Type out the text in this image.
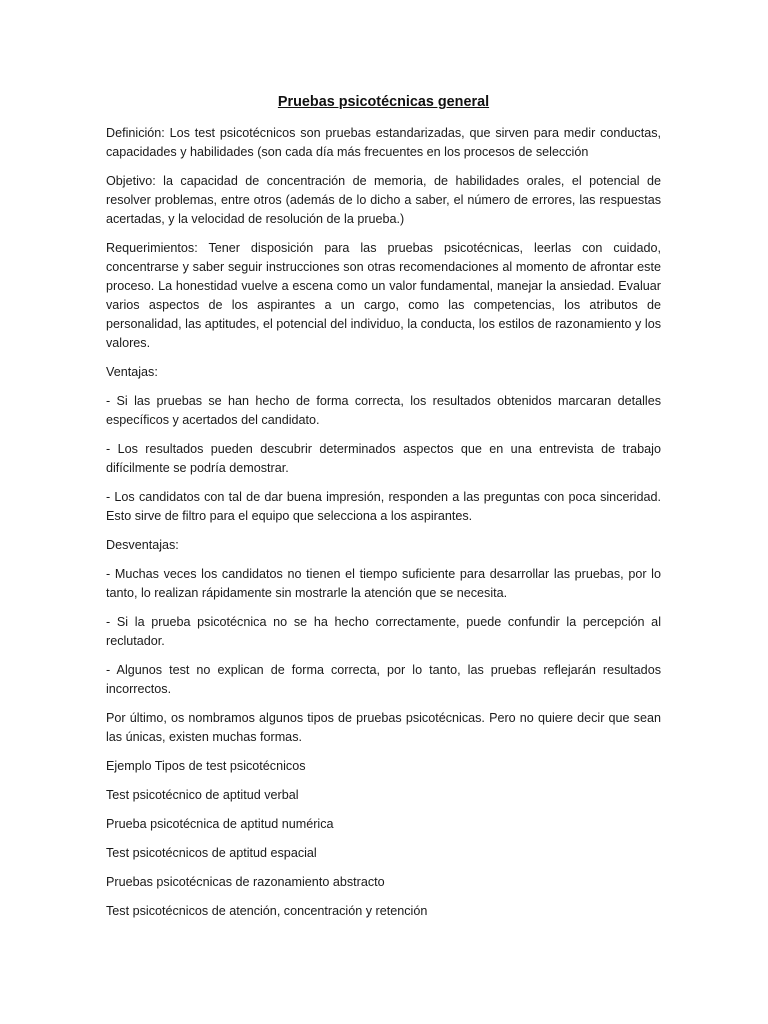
Pruebas psicotécnicas general

Definición: Los test psicotécnicos son pruebas estandarizadas, que sirven para medir conductas, capacidades y habilidades (son cada día más frecuentes en los procesos de selección

Objetivo: la capacidad de concentración de memoria, de habilidades orales, el potencial de resolver problemas, entre otros (además de lo dicho a saber, el número de errores, las respuestas acertadas, y la velocidad de resolución de la prueba.)

Requerimientos: Tener disposición para las pruebas psicotécnicas, leerlas con cuidado, concentrarse y saber seguir instrucciones son otras recomendaciones al momento de afrontar este proceso. La honestidad vuelve a escena como un valor fundamental, manejar la ansiedad. Evaluar varios aspectos de los aspirantes a un cargo, como las competencias, los atributos de personalidad, las aptitudes, el potencial del individuo, la conducta, los estilos de razonamiento y los valores.

Ventajas:

- Si las pruebas se han hecho de forma correcta, los resultados obtenidos marcaran detalles específicos y acertados del candidato.

- Los resultados pueden descubrir determinados aspectos que en una entrevista de trabajo difícilmente se podría demostrar.

- Los candidatos con tal de dar buena impresión, responden a las preguntas con poca sinceridad. Esto sirve de filtro para el equipo que selecciona a los aspirantes.

Desventajas:

- Muchas veces los candidatos no tienen el tiempo suficiente para desarrollar las pruebas, por lo tanto, lo realizan rápidamente sin mostrarle la atención que se necesita.

- Si la prueba psicotécnica no se ha hecho correctamente, puede confundir la percepción al reclutador.

- Algunos test no explican de forma correcta, por lo tanto, las pruebas reflejarán resultados incorrectos.

Por último, os nombramos algunos tipos de pruebas psicotécnicas. Pero no quiere decir que sean las únicas, existen muchas formas.

Ejemplo Tipos de test psicotécnicos

Test psicotécnico de aptitud verbal

Prueba psicotécnica de aptitud numérica

Test psicotécnicos de aptitud espacial

Pruebas psicotécnicas de razonamiento abstracto

Test psicotécnicos de atención, concentración y retención
